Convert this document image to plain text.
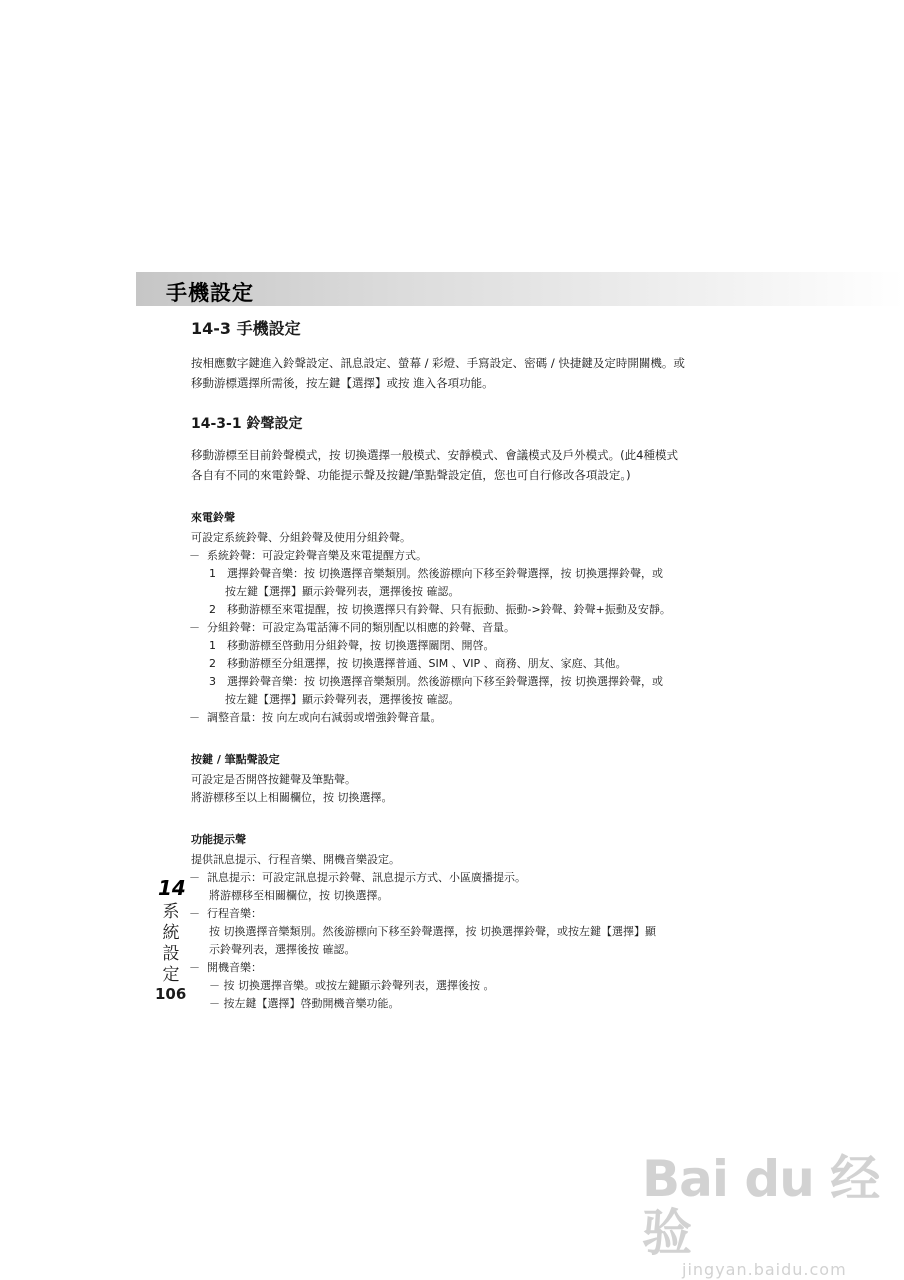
手機設定
14-3 手機設定
按相應數字鍵進入鈴聲設定、訊息設定、螢幕 / 彩燈、手寫設定、密碼 / 快捷鍵及定時開關機。或
移動游標選擇所需後，按左鍵【選擇】或按 進入各項功能。
14-3-1 鈴聲設定
移動游標至目前鈴聲模式，按 切換選擇一般模式、安靜模式、會議模式及戶外模式。(此4種模式
各自有不同的來電鈴聲、功能提示聲及按鍵/筆點聲設定值，您也可自行修改各項設定。)
來電鈴聲
可設定系統鈴聲、分組鈴聲及使用分組鈴聲。
－ 系統鈴聲：可設定鈴聲音樂及來電提醒方式。
1 選擇鈴聲音樂：按 切換選擇音樂類別。然後游標向下移至鈴聲選擇，按 切換選擇鈴聲，或
按左鍵【選擇】顯示鈴聲列表，選擇後按 確認。
2 移動游標至來電提醒，按 切換選擇只有鈴聲、只有振動、振動->鈴聲、鈴聲+振動及安靜。
－ 分組鈴聲：可設定為電話簿不同的類別配以相應的鈴聲、音量。
1 移動游標至啓動用分組鈴聲，按 切換選擇關閉、開啓。
2 移動游標至分組選擇，按 切換選擇普通、SIM 、VIP 、商務、朋友、家庭、其他。
3 選擇鈴聲音樂：按 切換選擇音樂類別。然後游標向下移至鈴聲選擇，按 切換選擇鈴聲，或
按左鍵【選擇】顯示鈴聲列表，選擇後按 確認。
－ 調整音量：按 向左或向右減弱或增強鈴聲音量。
按鍵 / 筆點聲設定
可設定是否開啓按鍵聲及筆點聲。
將游標移至以上相關欄位，按 切換選擇。
功能提示聲
提供訊息提示、行程音樂、開機音樂設定。
－ 訊息提示：可設定訊息提示鈴聲、訊息提示方式、小區廣播提示。
將游標移至相關欄位，按 切換選擇。
－ 行程音樂：
按 切換選擇音樂類別。然後游標向下移至鈴聲選擇，按 切換選擇鈴聲，或按左鍵【選擇】顯
示鈴聲列表，選擇後按 確認。
－ 開機音樂：
－ 按 切換選擇音樂。或按左鍵顯示鈴聲列表，選擇後按 。
－ 按左鍵【選擇】啓動開機音樂功能。
14
系
統
設
定
106
Bai du 经验
jingyan.baidu.com
